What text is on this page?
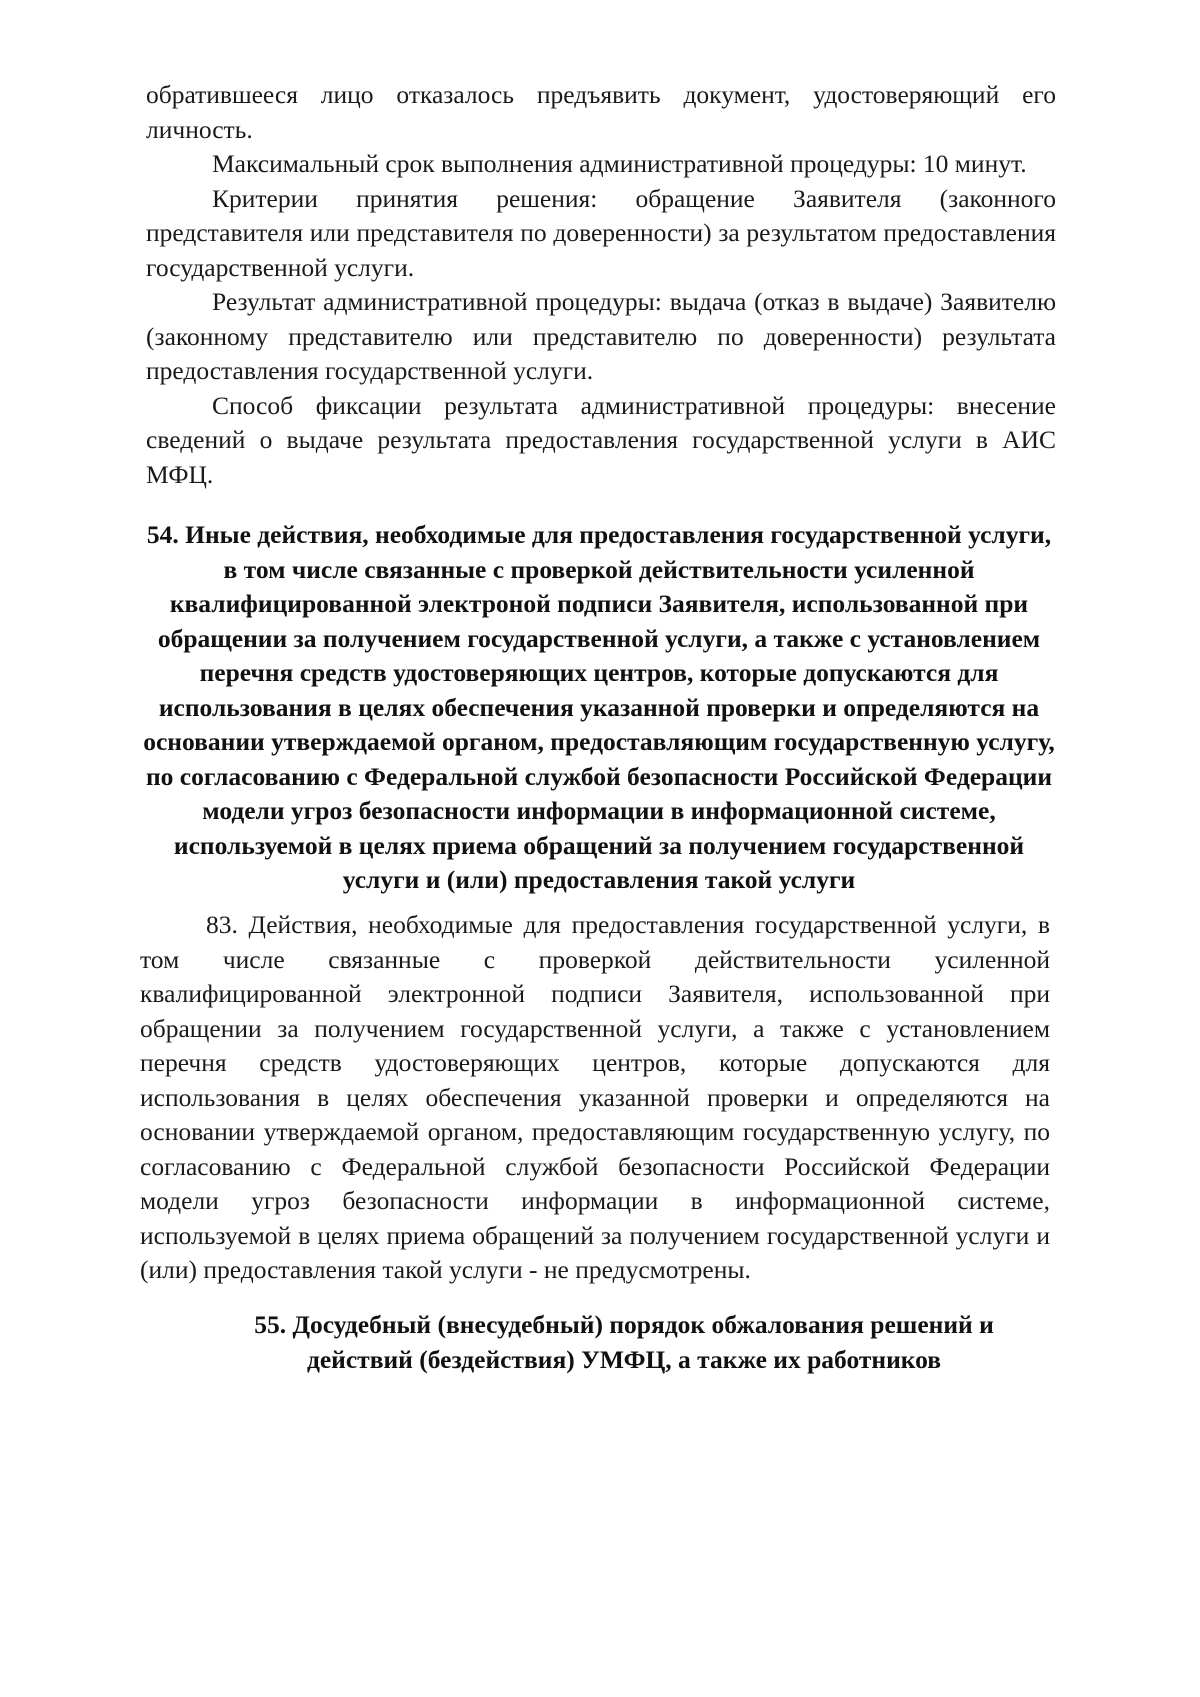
обратившееся лицо отказалось предъявить документ, удостоверяющий его личность.

Максимальный срок выполнения административной процедуры: 10 минут.

Критерии принятия решения: обращение Заявителя (законного представителя или представителя по доверенности) за результатом предоставления государственной услуги.

Результат административной процедуры: выдача (отказ в выдаче) Заявителю (законному представителю или представителю по доверенности) результата предоставления государственной услуги.

Способ фиксации результата административной процедуры: внесение сведений о выдаче результата предоставления государственной услуги в АИС МФЦ.

54. Иные действия, необходимые для предоставления государственной услуги, в том числе связанные с проверкой действительности усиленной квалифицированной электроной подписи Заявителя, использованной при обращении за получением государственной услуги, а также с установлением перечня средств удостоверяющих центров, которые допускаются для использования в целях обеспечения указанной проверки и определяются на основании утверждаемой органом, предоставляющим государственную услугу, по согласованию с Федеральной службой безопасности Российской Федерации модели угроз безопасности информации в информационной системе, используемой в целях приема обращений за получением государственной услуги и (или) предоставления такой услуги

83. Действия, необходимые для предоставления государственной услуги, в том числе связанные с проверкой действительности усиленной квалифицированной электронной подписи Заявителя, использованной при обращении за получением государственной услуги, а также с установлением перечня средств удостоверяющих центров, которые допускаются для использования в целях обеспечения указанной проверки и определяются на основании утверждаемой органом, предоставляющим государственную услугу, по согласованию с Федеральной службой безопасности Российской Федерации модели угроз безопасности информации в информационной системе, используемой в целях приема обращений за получением государственной услуги и (или) предоставления такой услуги - не предусмотрены.

55. Досудебный (внесудебный) порядок обжалования решений и действий (бездействия) УМФЦ, а также их работников
